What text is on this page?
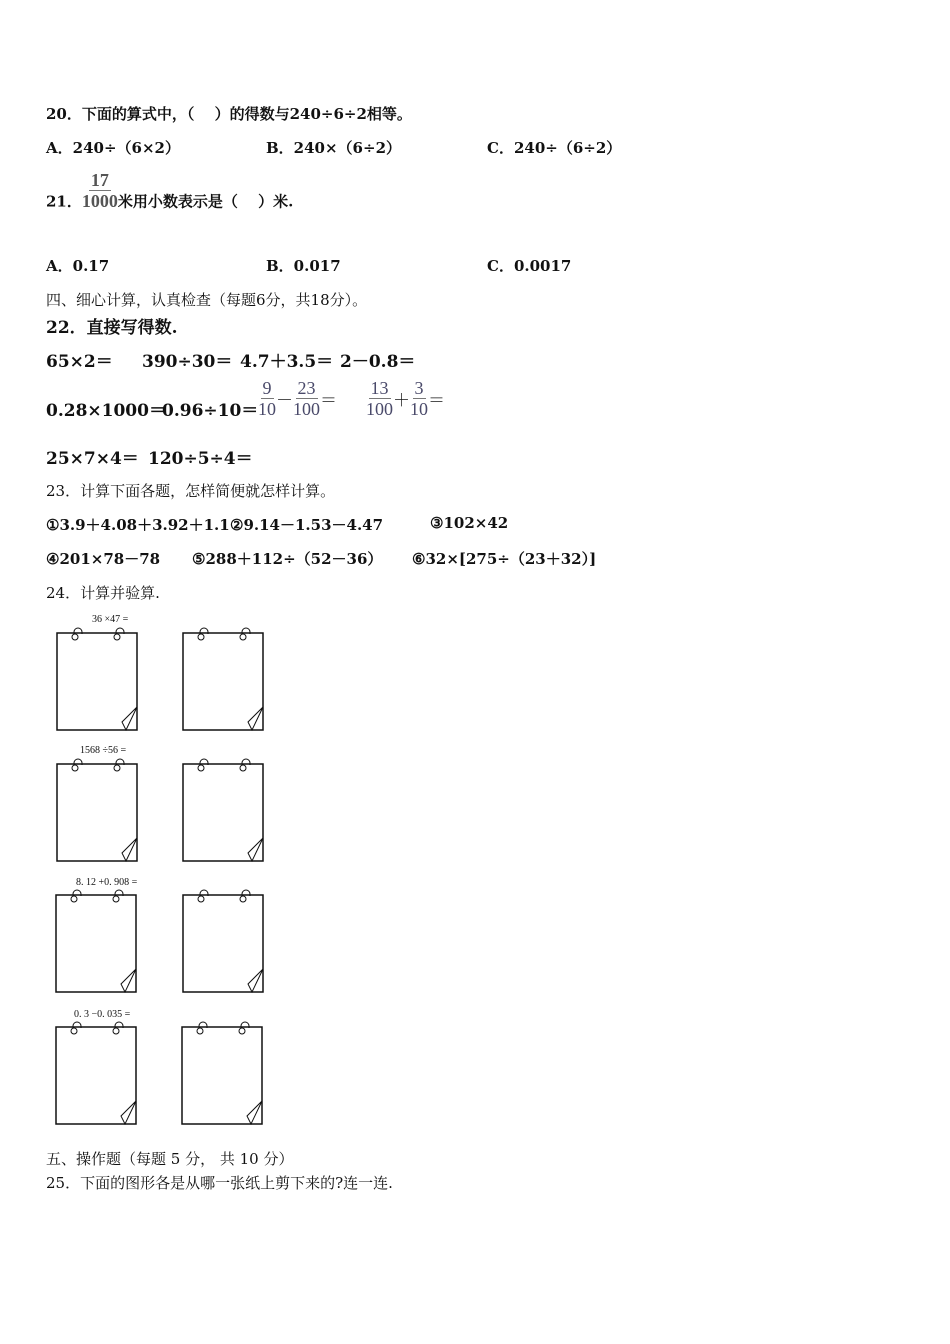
20．下面的算式中，（　 ）的得数与240÷6÷2相等。
A．240÷（6×2）	B．240×（6÷2）	C．240÷（6÷2）
21． $\frac{17}{1000}$ 米用小数表示是（　 ）米.
A．0.17	B．0.017	C．0.0017
四、细心计算，认真检查（每题6分，共18分）。
22．直接写得数.
65×2＝ 390÷30＝ 4.7＋3.5＝ 2－0.8＝
0.28×1000＝
$0.96\div 10= \frac{9}{10} - \frac{23}{100} = \frac{13}{100} + \frac{3}{10}$ ＝
25×7×4＝ 120÷5÷4＝
23．计算下面各题，怎样简便就怎样计算。
①3.9＋4.08＋3.92＋1.1 ②9.14－1.53－4.47	③102×42
④201×78－78 ⑤288＋112÷（52－36） ⑥32×[275÷（23＋32）]
24．计算并验算.
36 ×47 =
1568 ÷56 =
8. 12 +0. 908 =
0. 3 −0. 035 =
五、操作题（每题 5 分， 共 10 分）
25．下面的图形各是从哪一张纸上剪下来的?连一连.
